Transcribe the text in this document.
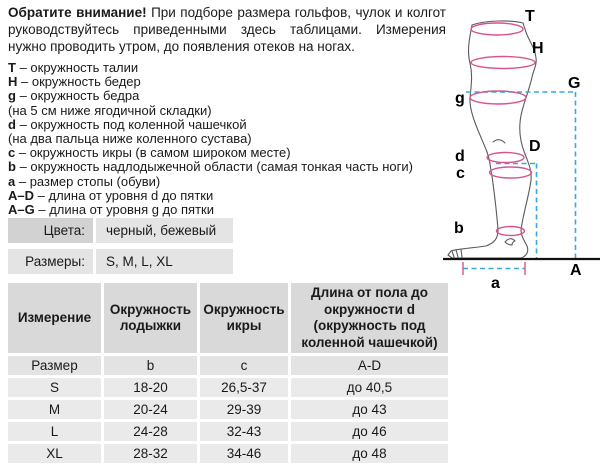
Обратите внимание! При подборе размера гольфов, чулок и колгот руководствуйтесь приведенными здесь таблицами. Измерения нужно проводить утром, до появления отеков на ногах.

Т – окружность талии
Н – окружность бедер
g – окружность бедра
(на 5 см ниже ягодичной складки)
d – окружность под коленной чашечкой
(на два пальца ниже коленного сустава)
c – окружность икры (в самом широком месте)
b – окружность надлодыжечной области (самая тонкая часть ноги)
a – размер стопы (обуви)
А–D – длина от уровня d до пятки
А–G – длина от уровня g до пятки
Цвета:	черный, бежевый
Размеры:	S, M, L, XL
Измерение	Окружность лодыжки	Окружность икры	Длина от пола до окружности d (окружность под коленной чашечкой)
Размер	b	c	A-D
S	18-20	26,5-37	до 40,5
M	20-24	29-39	до 43
L	24-28	32-43	до 46
XL	28-32	34-46	до 48
T
H
G
g
D
d
c
b
A
a
